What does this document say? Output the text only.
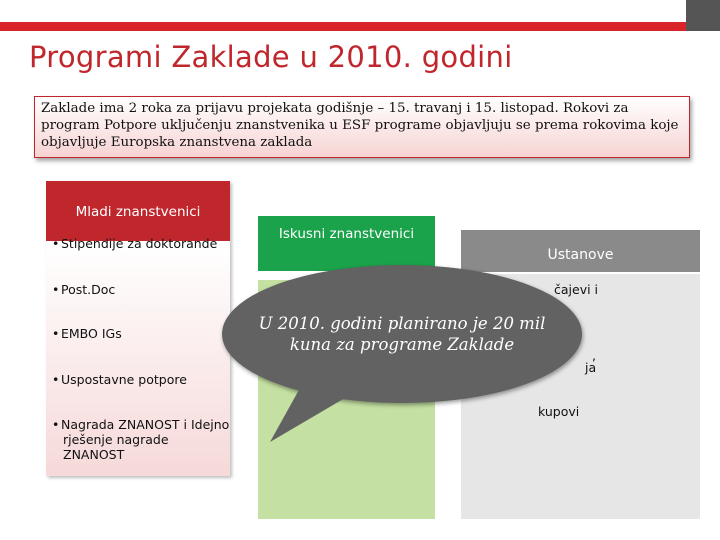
Programi Zaklade u 2010. godini
Zaklade ima 2 roka za prijavu projekata godišnje – 15. travanj i 15. listopad. Rokovi za program Potpore uključenju znanstvenika u ESF programe objavljuju se prema rokovima koje objavljuje Europska znanstvena zaklada
Mladi znanstvenici
• Stipendije za doktorande
• Post.Doc
• EMBO IGs
• Uspostavne potpore
• Nagrada ZNANOST i Idejno rješenje nagrade ZNANOST
Iskusni znanstvenici
Ustanove
čajevi i
,
ja
kupovi
U 2010. godini planirano je 20 mil kuna za programe Zaklade
